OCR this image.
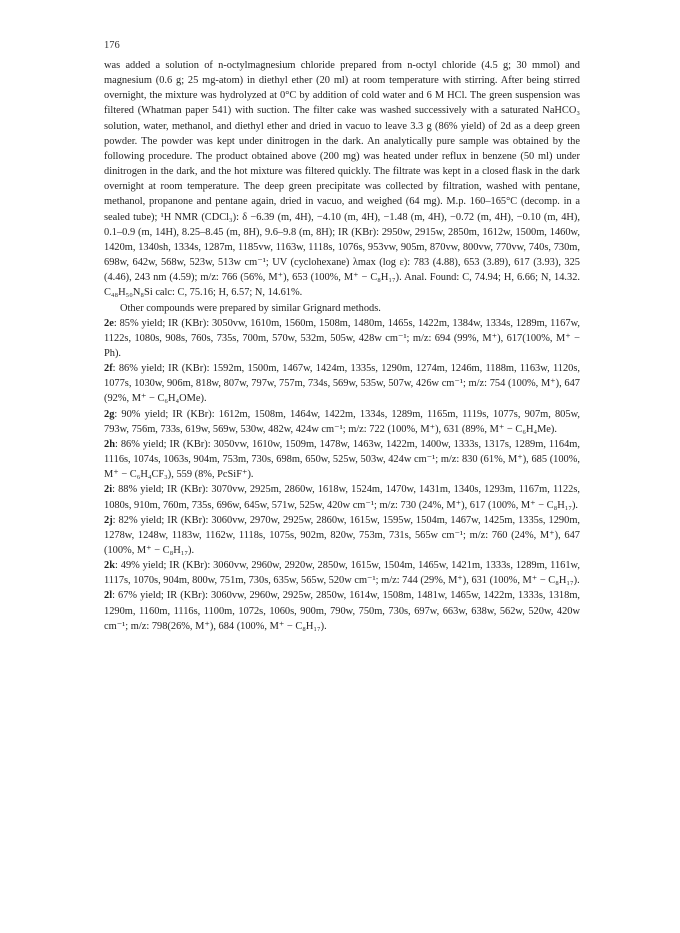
176

was added a solution of n-octylmagnesium chloride prepared from n-octyl chloride (4.5 g; 30 mmol) and magnesium (0.6 g; 25 mg-atom) in diethyl ether (20 ml) at room temperature with stirring. After being stirred overnight, the mixture was hydrolyzed at 0°C by addition of cold water and 6 M HCl. The green suspension was filtered (Whatman paper 541) with suction. The filter cake was washed successively with a saturated NaHCO₃ solution, water, methanol, and diethyl ether and dried in vacuo to leave 3.3 g (86% yield) of 2d as a deep green powder. The powder was kept under dinitrogen in the dark. An analytically pure sample was obtained by the following procedure. The product obtained above (200 mg) was heated under reflux in benzene (50 ml) under dinitrogen in the dark, and the hot mixture was filtered quickly. The filtrate was kept in a closed flask in the dark overnight at room temperature. The deep green precipitate was collected by filtration, washed with pentane, methanol, propanone and pentane again, dried in vacuo, and weighed (64 mg). M.p. 160–165°C (decomp. in a sealed tube); ¹H NMR (CDCl₃): δ −6.39 (m, 4H), −4.10 (m, 4H), −1.48 (m, 4H), −0.72 (m, 4H), −0.10 (m, 4H), 0.1–0.9 (m, 14H), 8.25–8.45 (m, 8H), 9.6–9.8 (m, 8H); IR (KBr): 2950w, 2915w, 2850m, 1612w, 1500m, 1460w, 1420m, 1340sh, 1334s, 1287m, 1185vw, 1163w, 1118s, 1076s, 953vw, 905m, 870vw, 800vw, 770vw, 740s, 730m, 698w, 642w, 568w, 523w, 513w cm⁻¹; UV (cyclohexane) λmax (log ε): 783 (4.88), 653 (3.89), 617 (3.93), 325 (4.46), 243 nm (4.59); m/z: 766 (56%, M⁺), 653 (100%, M⁺ − C₈H₁₇). Anal. Found: C, 74.94; H, 6.66; N, 14.32. C₄₈H₅₀N₈Si calc: C, 75.16; H, 6.57; N, 14.61%.

Other compounds were prepared by similar Grignard methods.

2e: 85% yield; IR (KBr): 3050vw, 1610m, 1560m, 1508m, 1480m, 1465s, 1422m, 1384w, 1334s, 1289m, 1167w, 1122s, 1080s, 908s, 760s, 735s, 700m, 570w, 532m, 505w, 428w cm⁻¹; m/z: 694 (99%, M⁺), 617(100%, M⁺ − Ph).

2f: 86% yield; IR (KBr): 1592m, 1500m, 1467w, 1424m, 1335s, 1290m, 1274m, 1246m, 1188m, 1163w, 1120s, 1077s, 1030w, 906m, 818w, 807w, 797w, 757m, 734s, 569w, 535w, 507w, 426w cm⁻¹; m/z: 754 (100%, M⁺), 647 (92%, M⁺ − C₆H₄OMe).

2g: 90% yield; IR (KBr): 1612m, 1508m, 1464w, 1422m, 1334s, 1289m, 1165m, 1119s, 1077s, 907m, 805w, 793w, 756m, 733s, 619w, 569w, 530w, 482w, 424w cm⁻¹; m/z: 722 (100%, M⁺), 631 (89%, M⁺ − C₆H₄Me).

2h: 86% yield; IR (KBr): 3050vw, 1610w, 1509m, 1478w, 1463w, 1422m, 1400w, 1333s, 1317s, 1289m, 1164m, 1116s, 1074s, 1063s, 904m, 753m, 730s, 698m, 650w, 525w, 503w, 424w cm⁻¹; m/z: 830 (61%, M⁺), 685 (100%, M⁺ − C₆H₄CF₃), 559 (8%, PcSiF⁺).

2i: 88% yield; IR (KBr): 3070vw, 2925m, 2860w, 1618w, 1524m, 1470w, 1431m, 1340s, 1293m, 1167m, 1122s, 1080s, 910m, 760m, 735s, 696w, 645w, 571w, 525w, 420w cm⁻¹; m/z: 730 (24%, M⁺), 617 (100%, M⁺ − C₈H₁₇).

2j: 82% yield; IR (KBr): 3060vw, 2970w, 2925w, 2860w, 1615w, 1595w, 1504m, 1467w, 1425m, 1335s, 1290m, 1278w, 1248w, 1183w, 1162w, 1118s, 1075s, 902m, 820w, 753m, 731s, 565w cm⁻¹; m/z: 760 (24%, M⁺), 647 (100%, M⁺ − C₈H₁₇).

2k: 49% yield; IR (KBr): 3060vw, 2960w, 2920w, 2850w, 1615w, 1504m, 1465w, 1421m, 1333s, 1289m, 1161w, 1117s, 1070s, 904m, 800w, 751m, 730s, 635w, 565w, 520w cm⁻¹; m/z: 744 (29%, M⁺), 631 (100%, M⁺ − C₈H₁₇).

2l: 67% yield; IR (KBr): 3060vw, 2960w, 2925w, 2850w, 1614w, 1508m, 1481w, 1465w, 1422m, 1333s, 1318m, 1290m, 1160m, 1116s, 1100m, 1072s, 1060s, 900m, 790w, 750m, 730s, 697w, 663w, 638w, 562w, 520w, 420w cm⁻¹; m/z: 798(26%, M⁺), 684 (100%, M⁺ − C₈H₁₇).
